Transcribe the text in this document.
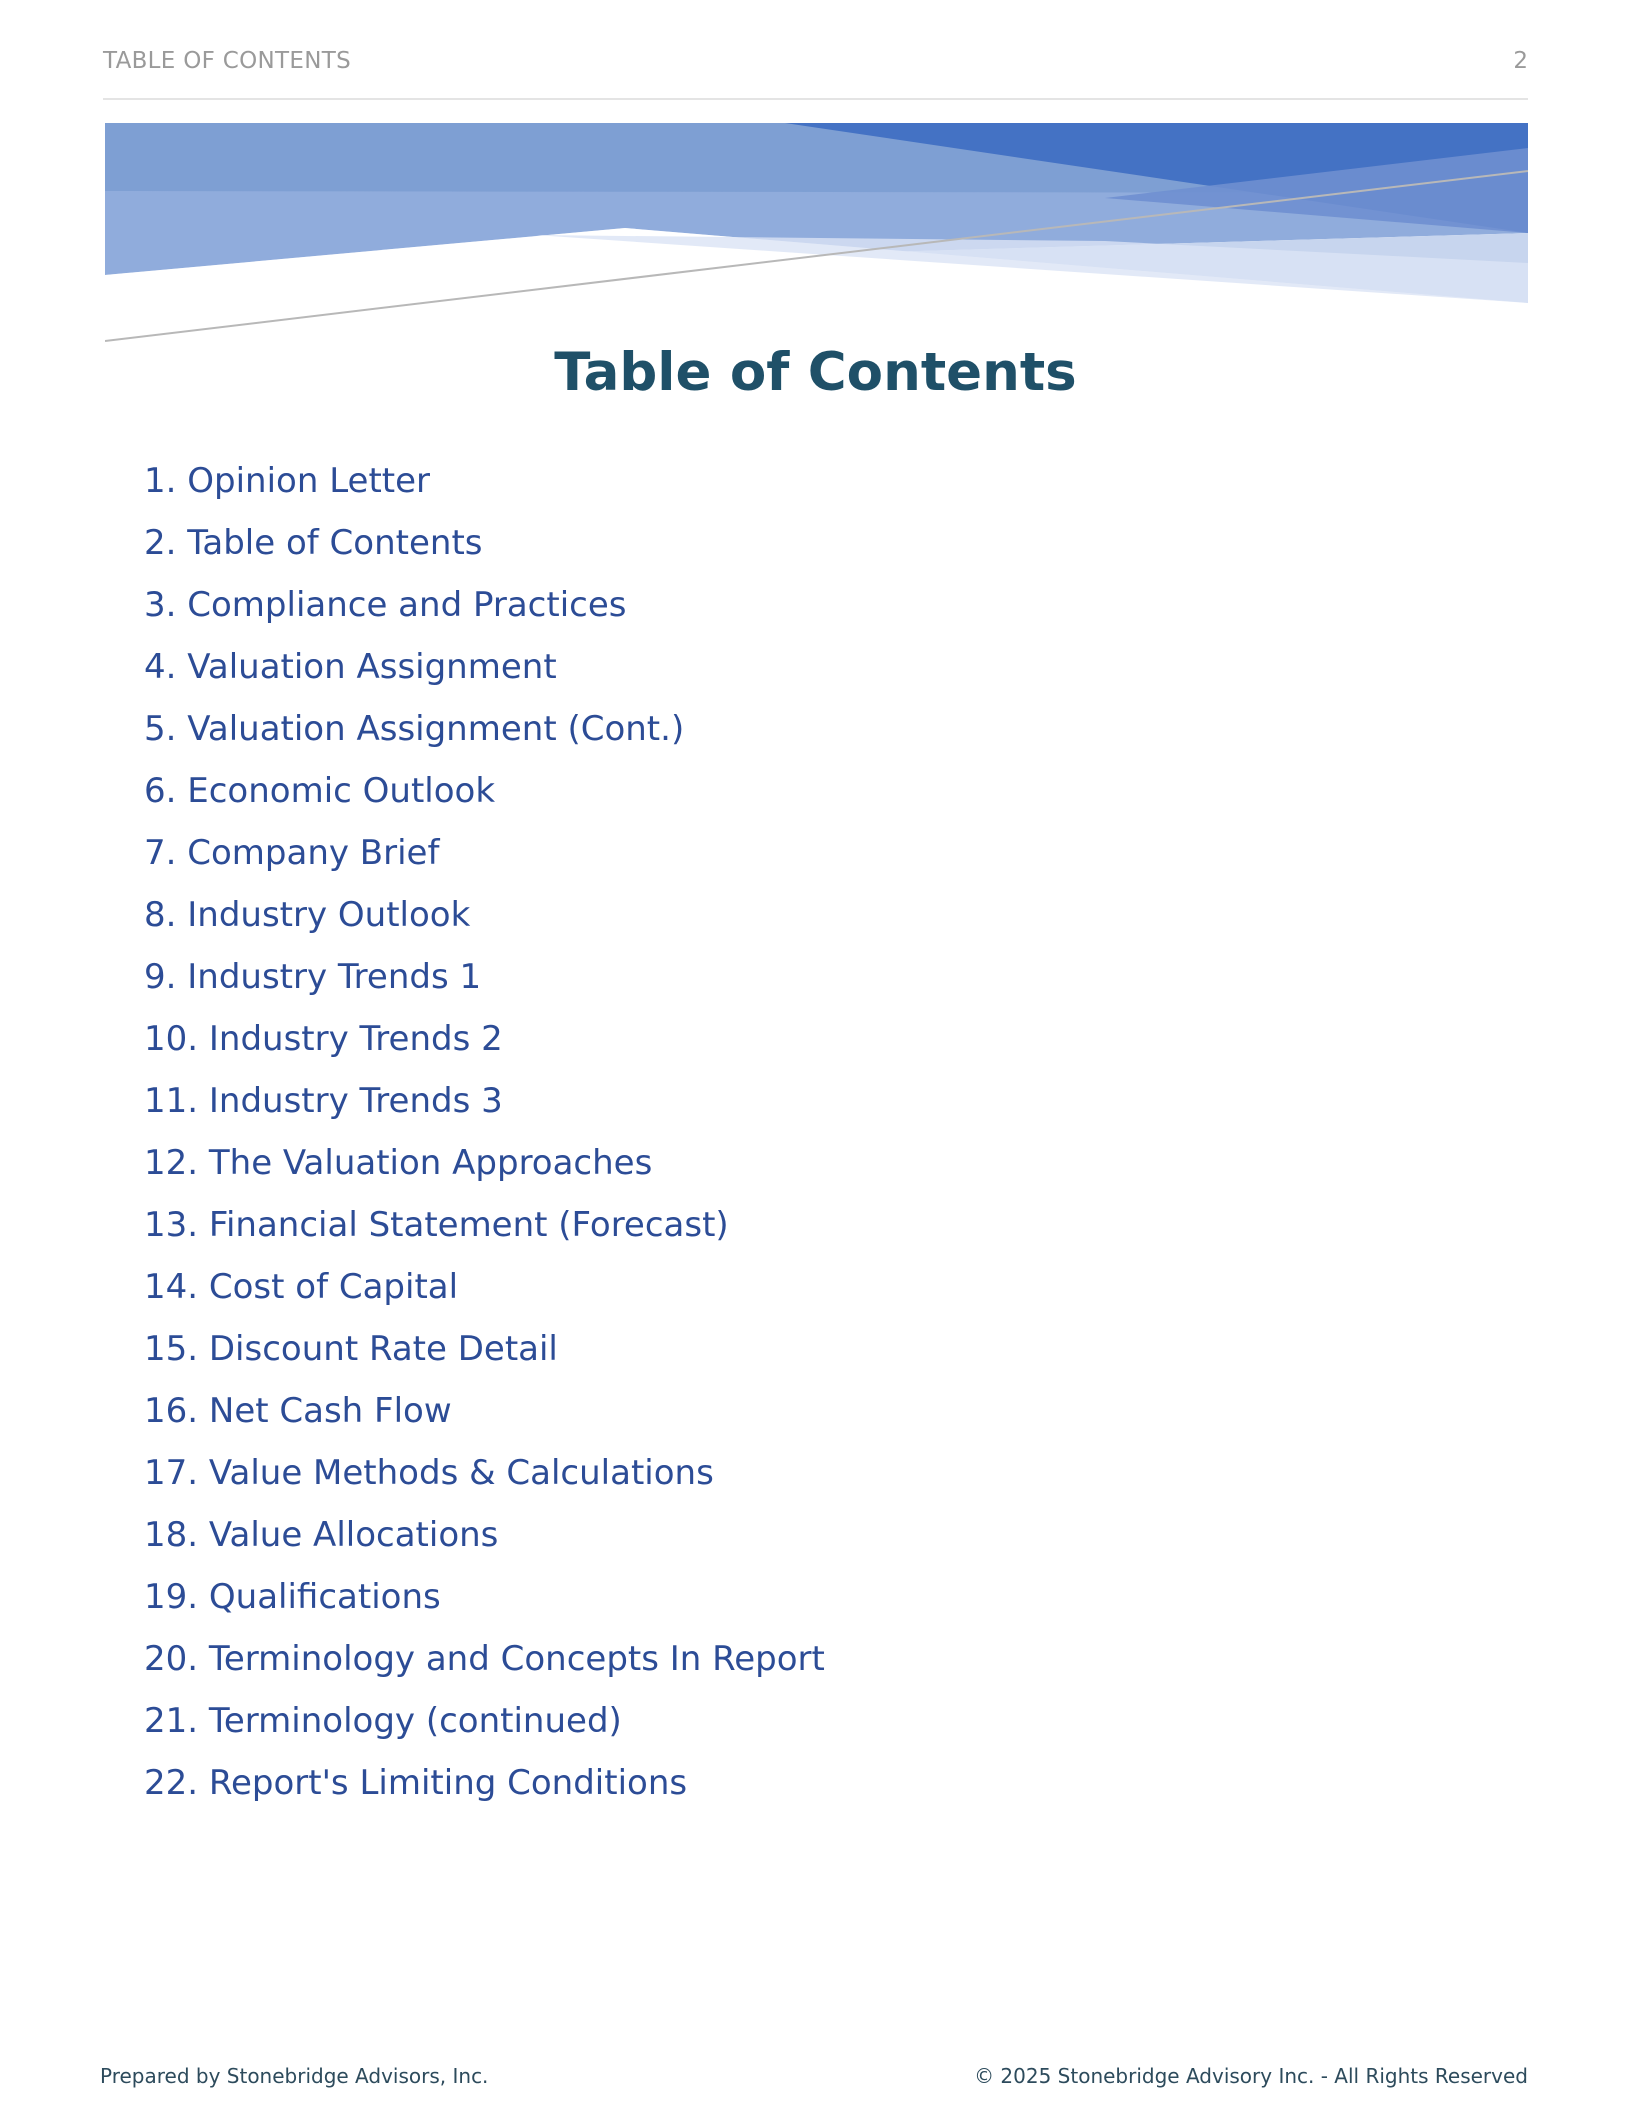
TABLE OF CONTENTS	2
Table of Contents
1. Opinion Letter
2. Table of Contents
3. Compliance and Practices
4. Valuation Assignment
5. Valuation Assignment (Cont.)
6. Economic Outlook
7. Company Brief
8. Industry Outlook
9. Industry Trends 1
10. Industry Trends 2
11. Industry Trends 3
12. The Valuation Approaches
13. Financial Statement (Forecast)
14. Cost of Capital
15. Discount Rate Detail
16. Net Cash Flow
17. Value Methods & Calculations
18. Value Allocations
19. Qualifications
20. Terminology and Concepts In Report
21. Terminology (continued)
22. Report's Limiting Conditions
Prepared by Stonebridge Advisors, Inc.	© 2025 Stonebridge Advisory Inc. - All Rights Reserved
